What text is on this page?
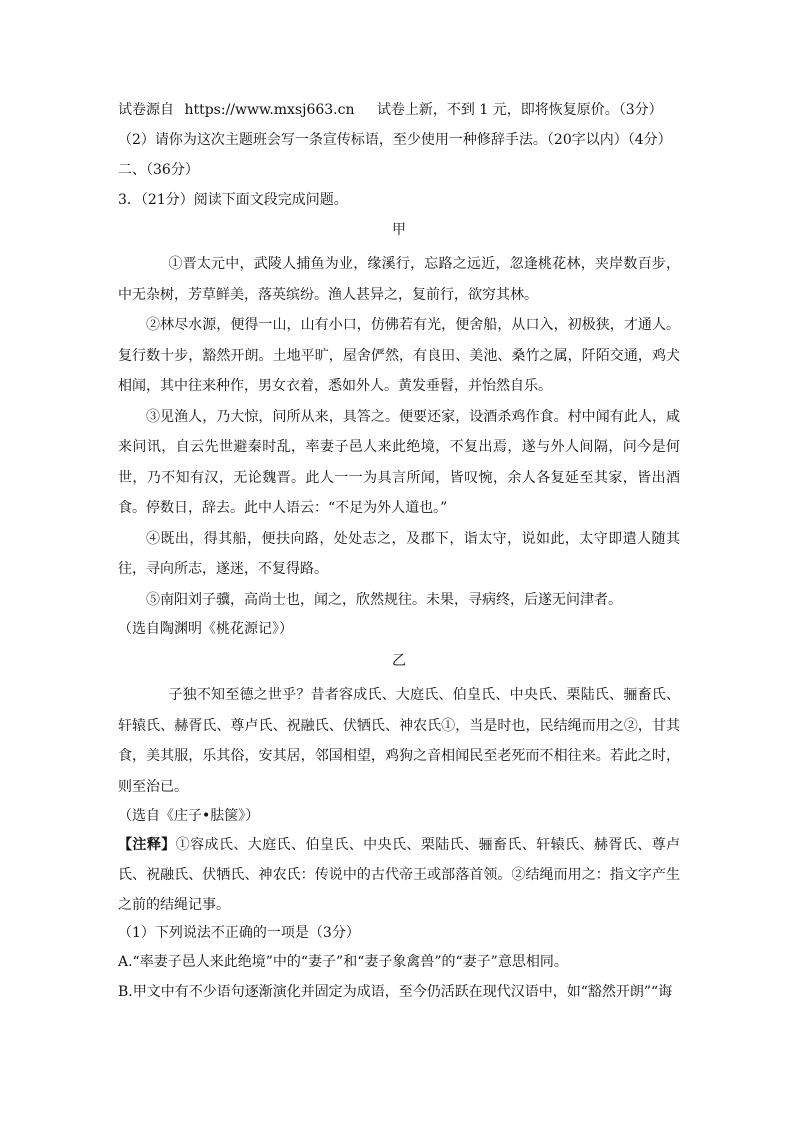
试卷源自 https://www.mxsj663.cn 试卷上新，不到 1 元，即将恢复原价。（3分）

（2）请你为这次主题班会写一条宣传标语，至少使用一种修辞手法。（20字以内）（4分）

二、（36分）

3．（21分）阅读下面文段完成问题。

甲

①晋太元中，武陵人捕鱼为业，缘溪行，忘路之远近，忽逢桃花林，夹岸数百步，中无杂树，芳草鲜美，落英缤纷。渔人甚异之，复前行，欲穷其林。

②林尽水源，便得一山，山有小口，仿佛若有光，便舍船，从口入，初极狭，才通人。复行数十步，豁然开朗。土地平旷，屋舍俨然，有良田、美池、桑竹之属，阡陌交通，鸡犬相闻，其中往来种作，男女衣着，悉如外人。黄发垂髫，并怡然自乐。

③见渔人，乃大惊，问所从来，具答之。便要还家，设酒杀鸡作食。村中闻有此人，咸来问讯，自云先世避秦时乱，率妻子邑人来此绝境，不复出焉，遂与外人间隔，问今是何世，乃不知有汉，无论魏晋。此人一一为具言所闻，皆叹惋，余人各复延至其家，皆出酒食。停数日，辞去。此中人语云：“不足为外人道也。”

④既出，得其船，便扶向路，处处志之，及郡下，诣太守，说如此，太守即遣人随其往，寻向所志，遂迷，不复得路。

⑤南阳刘子骥，高尚士也，闻之，欣然规往。未果，寻病终，后遂无问津者。

（选自陶渊明《桃花源记》）

乙

子独不知至德之世乎？昔者容成氏、大庭氏、伯皇氏、中央氏、栗陆氏、骊畜氏、轩辕氏、赫胥氏、尊卢氏、祝融氏、伏牺氏、神农氏①，当是时也，民结绳而用之②，甘其食，美其服，乐其俗，安其居，邻国相望，鸡狗之音相闻民至老死而不相往来。若此之时，则至治已。

（选自《庄子•胠箧》）

【注释】①容成氏、大庭氏、伯皇氏、中央氏、栗陆氏、骊畜氏、轩辕氏、赫胥氏、尊卢氏、祝融氏、伏牺氏、神农氏：传说中的古代帝王或部落首领。②结绳而用之：指文字产生之前的结绳记事。

（1）下列说法不正确的一项是（3分）

A.“率妻子邑人来此绝境”中的“妻子”和“妻子象禽兽”的“妻子”意思相同。

B.甲文中有不少语句逐渐演化并固定为成语，至今仍活跃在现代汉语中，如“豁然开朗”“诲
